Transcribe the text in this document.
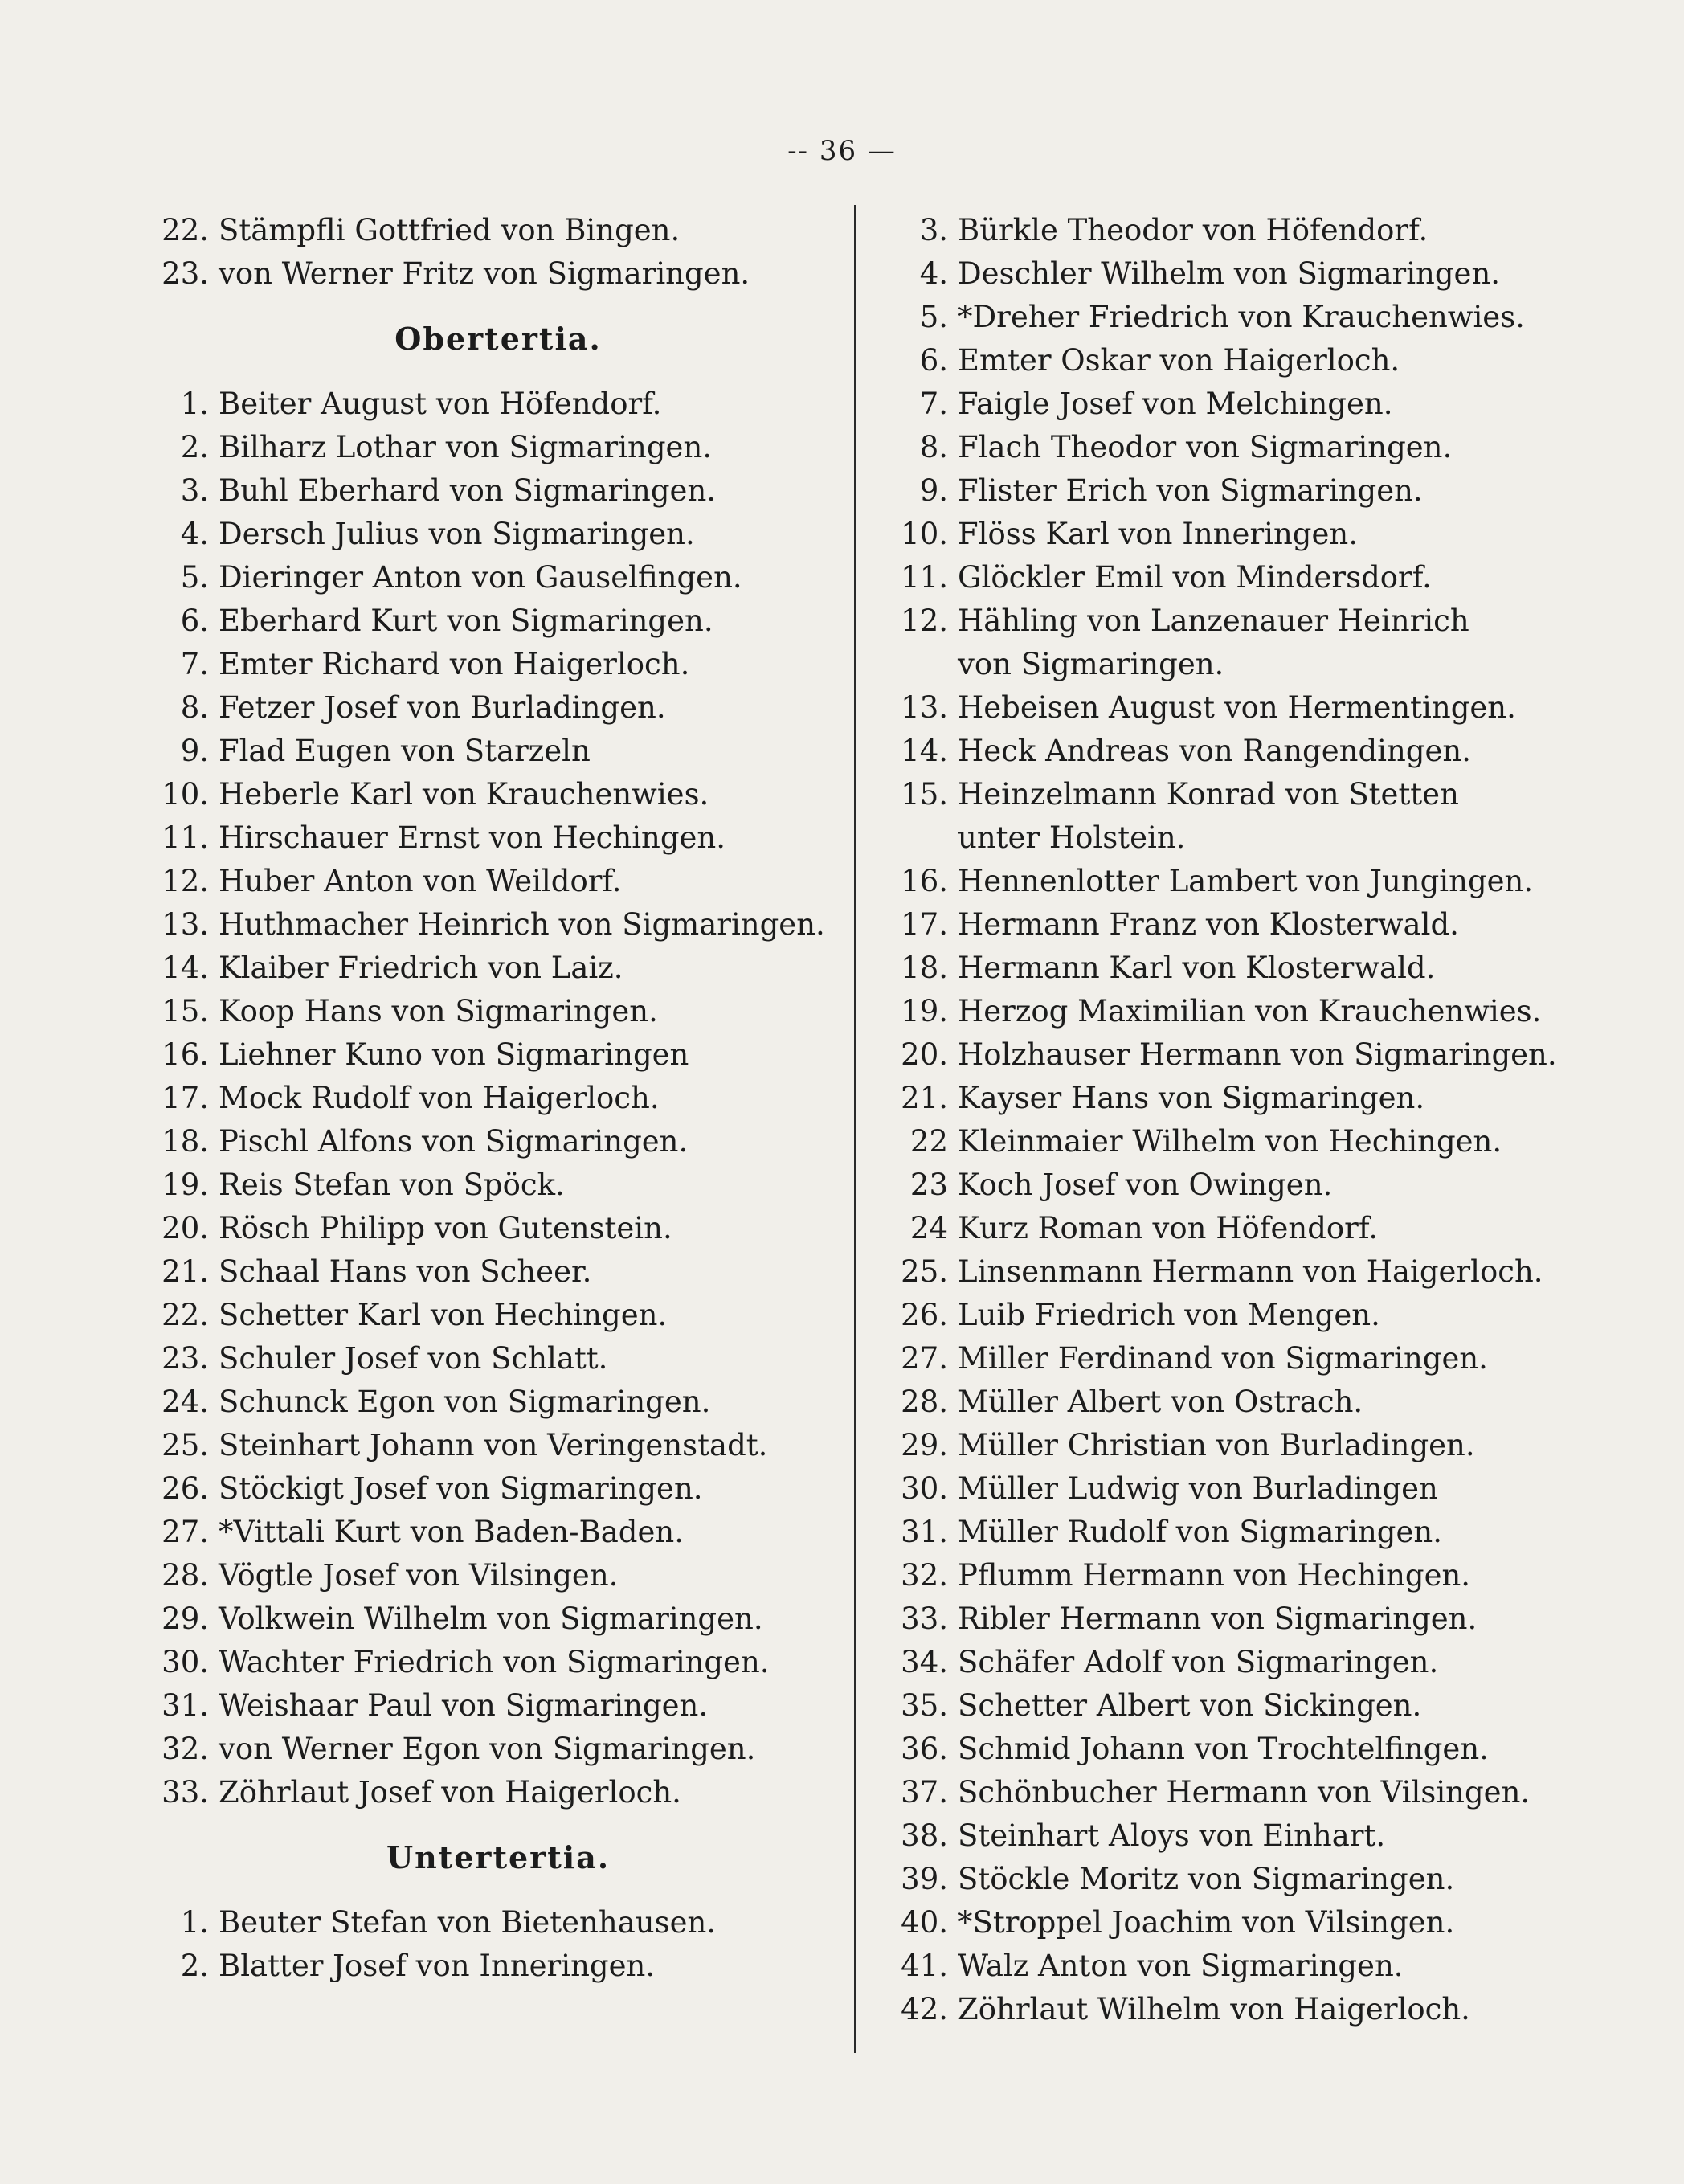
-- 36 —
22. Stämpfli Gottfried von Bingen.
23. von Werner Fritz von Sigmaringen.
Obertertia.
1. Beiter August von Höfendorf.
2. Bilharz Lothar von Sigmaringen.
3. Buhl Eberhard von Sigmaringen.
4. Dersch Julius von Sigmaringen.
5. Dieringer Anton von Gauselfingen.
6. Eberhard Kurt von Sigmaringen.
7. Emter Richard von Haigerloch.
8. Fetzer Josef von Burladingen.
9. Flad Eugen von Starzeln
10. Heberle Karl von Krauchenwies.
11. Hirschauer Ernst von Hechingen.
12. Huber Anton von Weildorf.
13. Huthmacher Heinrich von Sigmaringen.
14. Klaiber Friedrich von Laiz.
15. Koop Hans von Sigmaringen.
16. Liehner Kuno von Sigmaringen
17. Mock Rudolf von Haigerloch.
18. Pischl Alfons von Sigmaringen.
19. Reis Stefan von Spöck.
20. Rösch Philipp von Gutenstein.
21. Schaal Hans von Scheer.
22. Schetter Karl von Hechingen.
23. Schuler Josef von Schlatt.
24. Schunck Egon von Sigmaringen.
25. Steinhart Johann von Veringenstadt.
26. Stöckigt Josef von Sigmaringen.
27. *Vittali Kurt von Baden-Baden.
28. Vögtle Josef von Vilsingen.
29. Volkwein Wilhelm von Sigmaringen.
30. Wachter Friedrich von Sigmaringen.
31. Weishaar Paul von Sigmaringen.
32. von Werner Egon von Sigmaringen.
33. Zöhrlaut Josef von Haigerloch.
Untertertia.
1. Beuter Stefan von Bietenhausen.
2. Blatter Josef von Inneringen.
3. Bürkle Theodor von Höfendorf.
4. Deschler Wilhelm von Sigmaringen.
5. *Dreher Friedrich von Krauchenwies.
6. Emter Oskar von Haigerloch.
7. Faigle Josef von Melchingen.
8. Flach Theodor von Sigmaringen.
9. Flister Erich von Sigmaringen.
10. Flöss Karl von Inneringen.
11. Glöckler Emil von Mindersdorf.
12. Hähling von Lanzenauer Heinrich
von Sigmaringen.
13. Hebeisen August von Hermentingen.
14. Heck Andreas von Rangendingen.
15. Heinzelmann Konrad von Stetten
unter Holstein.
16. Hennenlotter Lambert von Jungingen.
17. Hermann Franz von Klosterwald.
18. Hermann Karl von Klosterwald.
19. Herzog Maximilian von Krauchenwies.
20. Holzhauser Hermann von Sigmaringen.
21. Kayser Hans von Sigmaringen.
22 Kleinmaier Wilhelm von Hechingen.
23 Koch Josef von Owingen.
24 Kurz Roman von Höfendorf.
25. Linsenmann Hermann von Haigerloch.
26. Luib Friedrich von Mengen.
27. Miller Ferdinand von Sigmaringen.
28. Müller Albert von Ostrach.
29. Müller Christian von Burladingen.
30. Müller Ludwig von Burladingen
31. Müller Rudolf von Sigmaringen.
32. Pflumm Hermann von Hechingen.
33. Ribler Hermann von Sigmaringen.
34. Schäfer Adolf von Sigmaringen.
35. Schetter Albert von Sickingen.
36. Schmid Johann von Trochtelfingen.
37. Schönbucher Hermann von Vilsingen.
38. Steinhart Aloys von Einhart.
39. Stöckle Moritz von Sigmaringen.
40. *Stroppel Joachim von Vilsingen.
41. Walz Anton von Sigmaringen.
42. Zöhrlaut Wilhelm von Haigerloch.
